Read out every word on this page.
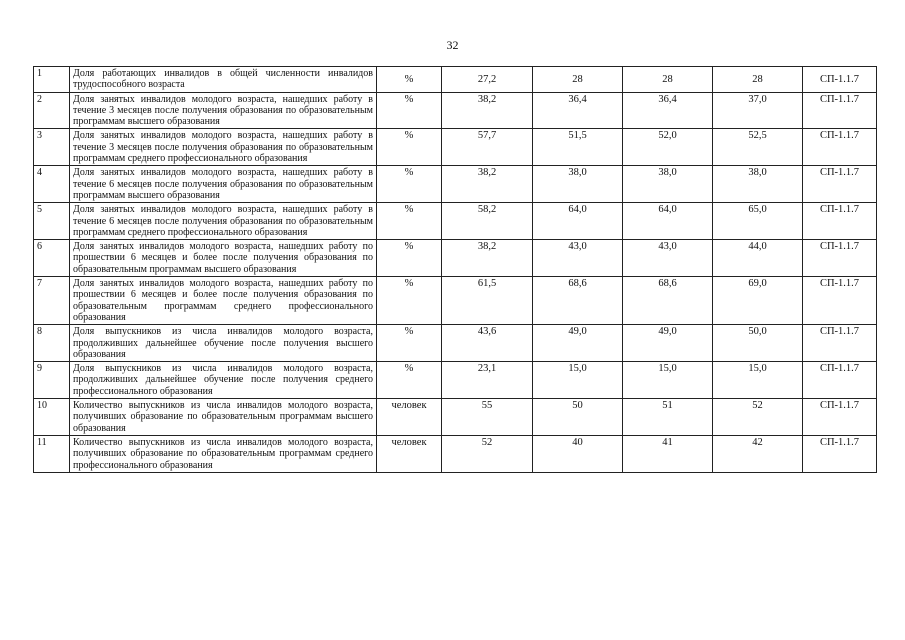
32
1	Доля работающих инвалидов в общей численности инвалидов трудоспособного возраста	%	27,2	28	28	28	СП-1.1.7
2	Доля занятых инвалидов молодого возраста, нашедших работу в течение 3 месяцев после получения образования по образовательным программам высшего образования	%	38,2	36,4	36,4	37,0	СП-1.1.7
3	Доля занятых инвалидов молодого возраста, нашедших работу в течение 3 месяцев после получения образования по образовательным программам среднего профессионального образования	%	57,7	51,5	52,0	52,5	СП-1.1.7
4	Доля занятых инвалидов молодого возраста, нашедших работу в течение 6 месяцев после получения образования по образовательным программам высшего образования	%	38,2	38,0	38,0	38,0	СП-1.1.7
5	Доля занятых инвалидов молодого возраста, нашедших работу в течение 6 месяцев после получения образования по образовательным программам среднего профессионального образования	%	58,2	64,0	64,0	65,0	СП-1.1.7
6	Доля занятых инвалидов молодого возраста, нашедших работу по прошествии 6 месяцев и более после получения образования по образовательным программам высшего образования	%	38,2	43,0	43,0	44,0	СП-1.1.7
7	Доля занятых инвалидов молодого возраста, нашедших работу по прошествии 6 месяцев и более после получения образования по образовательным программам среднего профессионального образования	%	61,5	68,6	68,6	69,0	СП-1.1.7
8	Доля выпускников из числа инвалидов молодого возраста, продолживших дальнейшее обучение после получения высшего образования	%	43,6	49,0	49,0	50,0	СП-1.1.7
9	Доля выпускников из числа инвалидов молодого возраста, продолживших дальнейшее обучение после получения среднего профессионального образования	%	23,1	15,0	15,0	15,0	СП-1.1.7
10	Количество выпускников из числа инвалидов молодого возраста, получивших образование по образовательным программам высшего образования	человек	55	50	51	52	СП-1.1.7
11	Количество выпускников из числа инвалидов молодого возраста, получивших образование по образовательным программам среднего профессионального образования	человек	52	40	41	42	СП-1.1.7
